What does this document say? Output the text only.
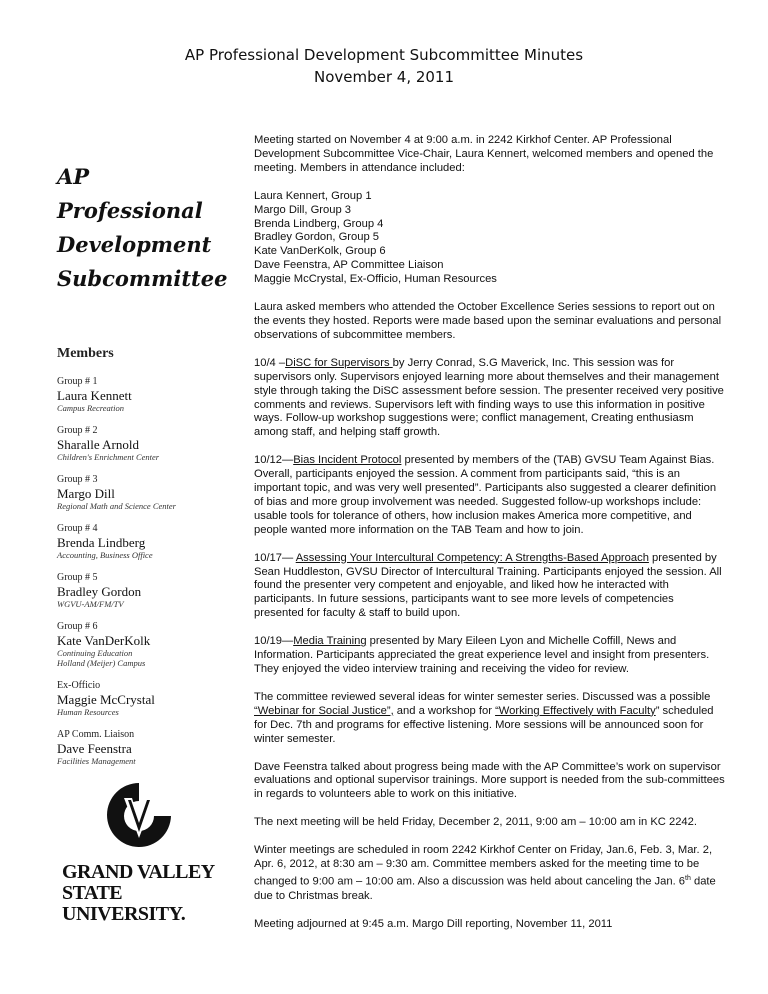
AP Professional Development Subcommittee Minutes
November 4, 2011
AP
Professional
Development
Subcommittee
Members
Group # 1
Laura Kennett
Campus Recreation
Group # 2
Sharalle Arnold
Children's Enrichment Center
Group # 3
Margo Dill
Regional Math and Science Center
Group # 4
Brenda Lindberg
Accounting, Business Office
Group # 5
Bradley Gordon
WGVU-AM/FM/TV
Group # 6
Kate VanDerKolk
Continuing Education
Holland (Meijer) Campus
Ex-Officio
Maggie McCrystal
Human Resources
AP Comm. Liaison
Dave Feenstra
Facilities Management
GRAND VALLEY
STATE UNIVERSITY.

Meeting started on November 4 at 9:00 a.m. in 2242 Kirkhof Center. AP Professional Development Subcommittee Vice-Chair, Laura Kennert, welcomed members and opened the meeting. Members in attendance included:

Laura Kennert, Group 1
Margo Dill, Group 3
Brenda Lindberg, Group 4
Bradley Gordon, Group 5
Kate VanDerKolk, Group 6
Dave Feenstra, AP Committee Liaison
Maggie McCrystal, Ex-Officio, Human Resources

Laura asked members who attended the October Excellence Series sessions to report out on the events they hosted. Reports were made based upon the seminar evaluations and personal observations of subcommittee members.

10/4 –DiSC for Supervisors by Jerry Conrad, S.G Maverick, Inc. This session was for supervisors only. Supervisors enjoyed learning more about themselves and their management style through taking the DiSC assessment before session. The presenter received very positive comments and reviews. Supervisors left with finding ways to use this information in positive ways. Follow-up workshop suggestions were; conflict management, Creating enthusiasm among staff, and helping staff growth.

10/12—Bias Incident Protocol presented by members of the (TAB) GVSU Team Against Bias. Overall, participants enjoyed the session. A comment from participants said, “this is an important topic, and was very well presented”. Participants also suggested a clearer definition of bias and more group involvement was needed. Suggested follow-up workshops include: usable tools for tolerance of others, how inclusion makes America more competitive, and people wanted more information on the TAB Team and how to join.

10/17— Assessing Your Intercultural Competency: A Strengths-Based Approach presented by Sean Huddleston, GVSU Director of Intercultural Training. Participants enjoyed the session. All found the presenter very competent and enjoyable, and liked how he interacted with participants. In future sessions, participants want to see more levels of competencies presented for faculty & staff to build upon.

10/19—Media Training presented by Mary Eileen Lyon and Michelle Coffill, News and Information. Participants appreciated the great experience level and insight from presenters. They enjoyed the video interview training and receiving the video for review.

The committee reviewed several ideas for winter semester series. Discussed was a possible “Webinar for Social Justice”, and a workshop for “Working Effectively with Faculty” scheduled for Dec. 7th and programs for effective listening. More sessions will be announced soon for winter semester.

Dave Feenstra talked about progress being made with the AP Committee’s work on supervisor evaluations and optional supervisor trainings. More support is needed from the sub-committees in regards to volunteers able to work on this initiative.

The next meeting will be held Friday, December 2, 2011, 9:00 am – 10:00 am in KC 2242.

Winter meetings are scheduled in room 2242 Kirkhof Center on Friday, Jan.6, Feb. 3, Mar. 2, Apr. 6, 2012, at 8:30 am – 9:30 am. Committee members asked for the meeting time to be changed to 9:00 am – 10:00 am. Also a discussion was held about canceling the Jan. 6th date due to Christmas break.

Meeting adjourned at 9:45 a.m. Margo Dill reporting, November 11, 2011
